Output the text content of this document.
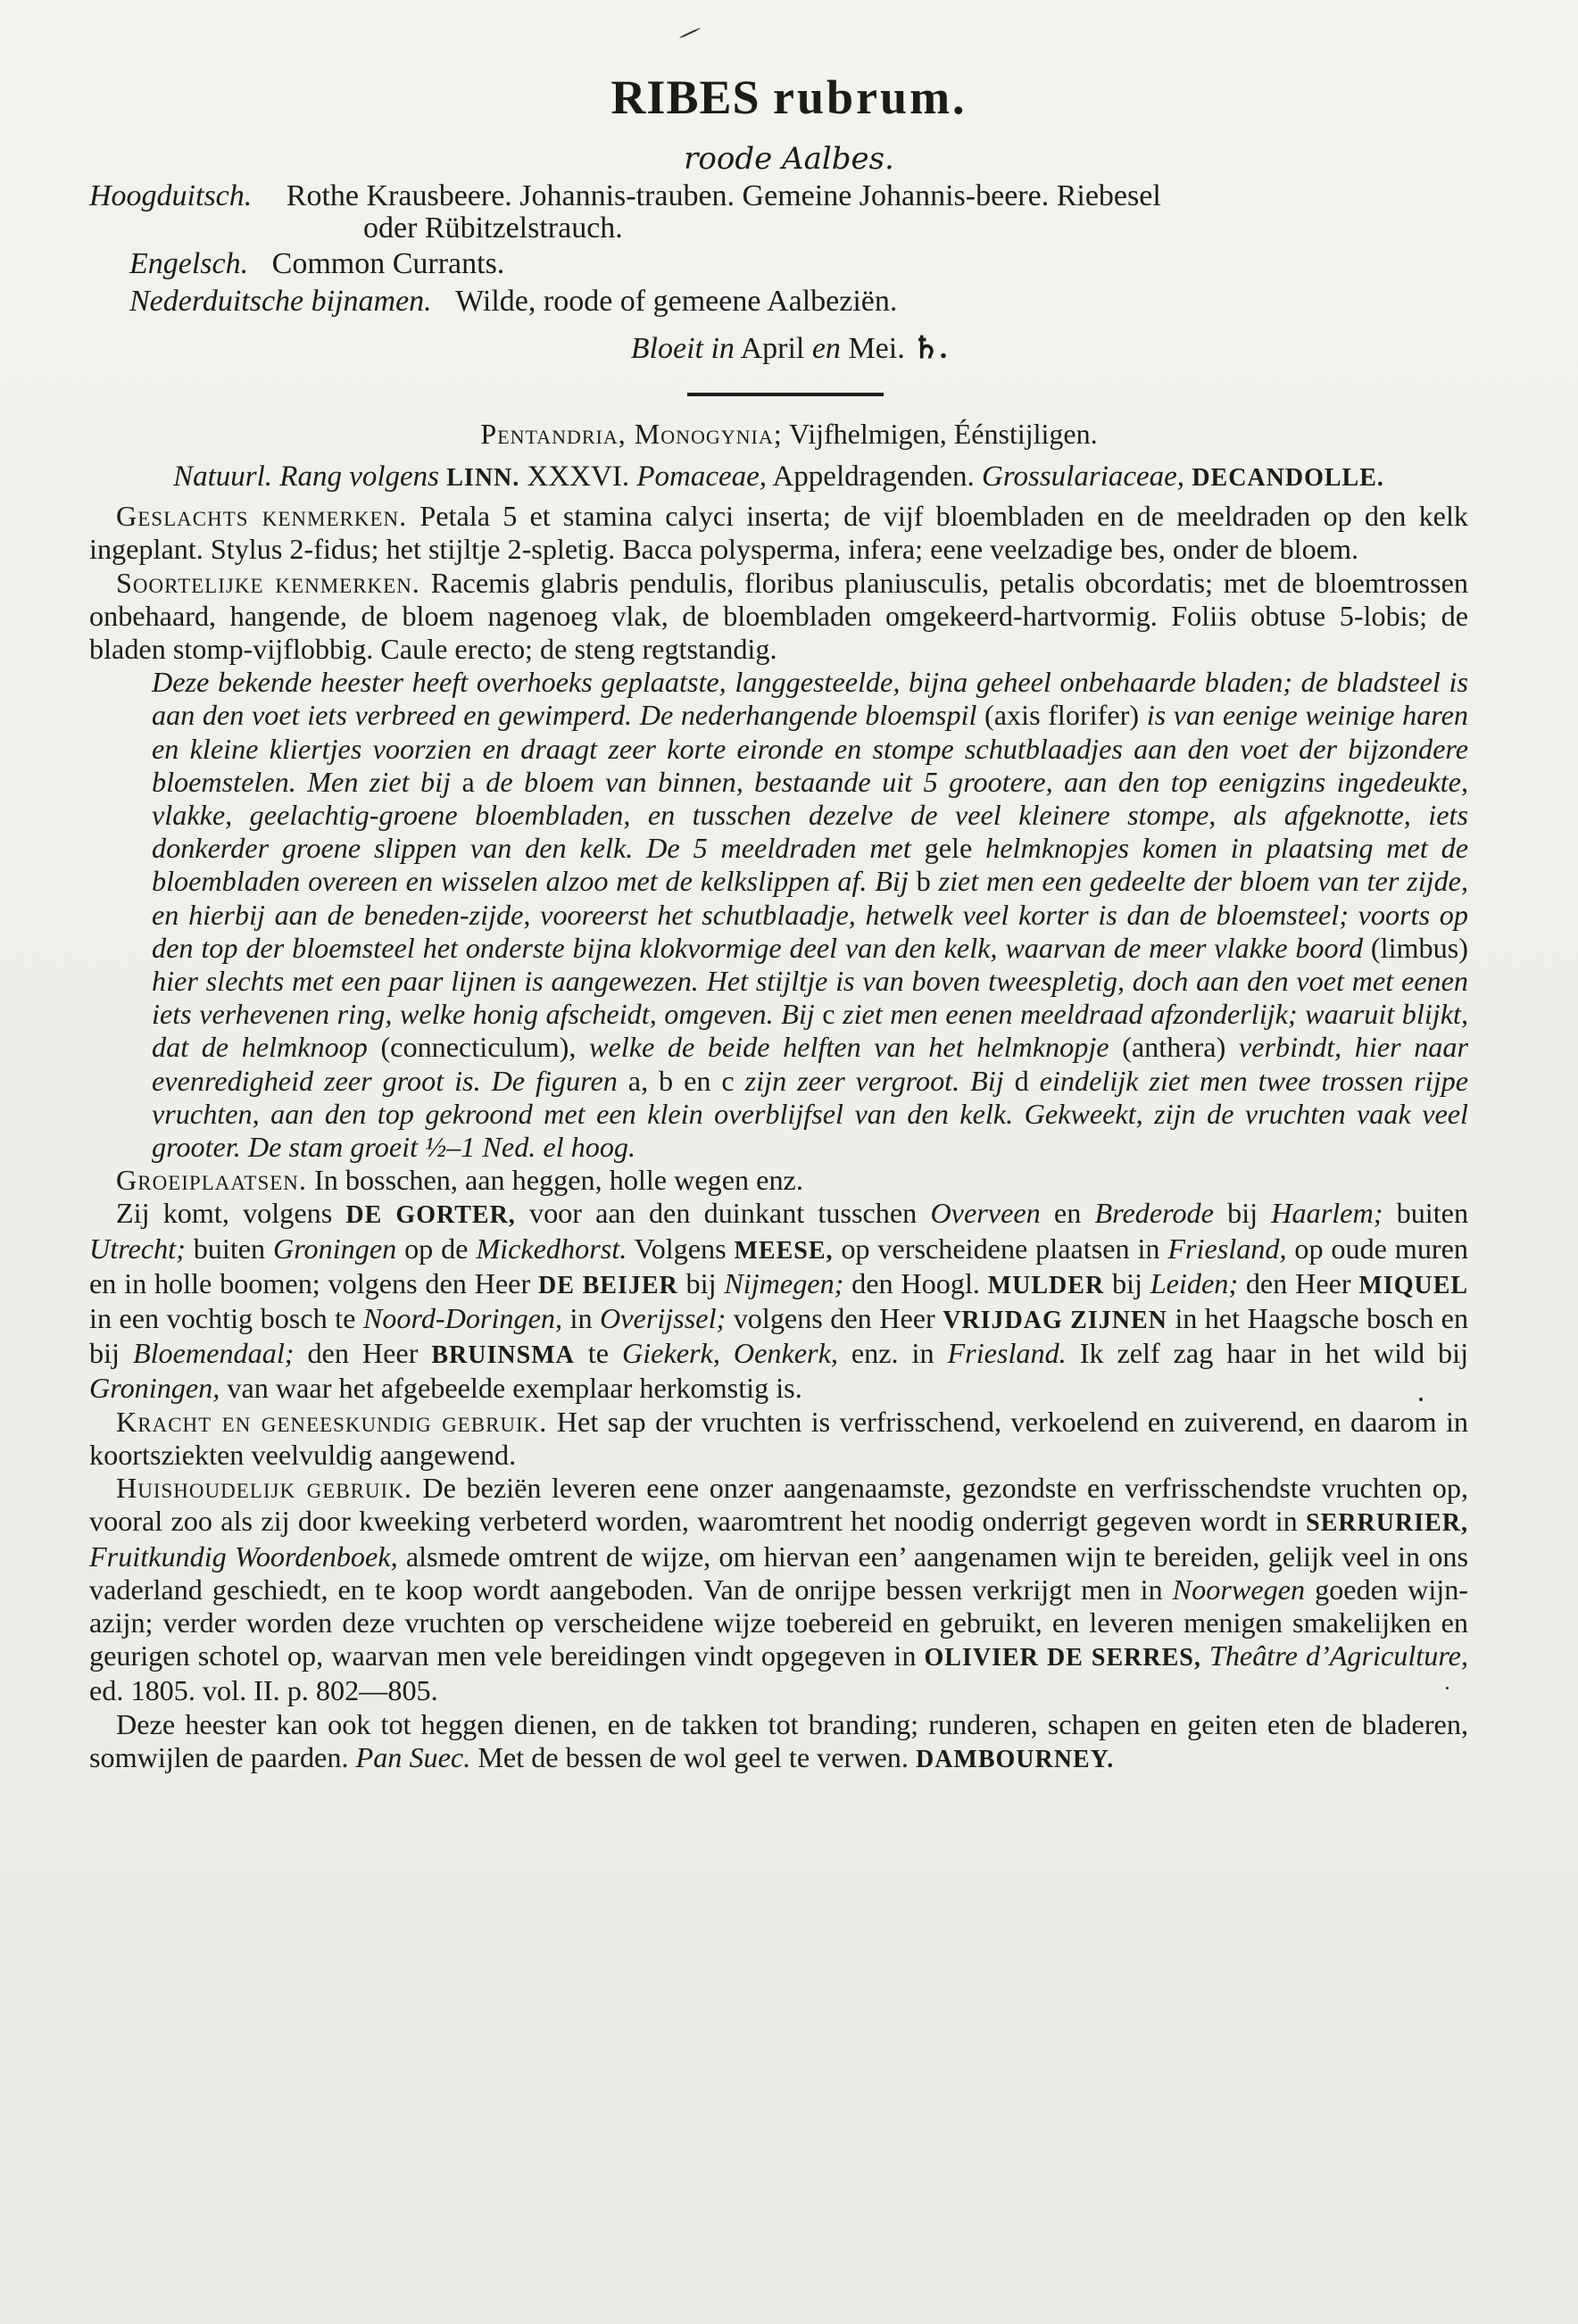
RIBES rubrum.
roode Aalbes.
Hoogduitsch. Rothe Krausbeere. Johannis-trauben. Gemeine Johannis-beere. Riebesel
oder Rübitzelstrauch.
Engelsch. Common Currants.
Nederduitsche bijnamen. Wilde, roode of gemeene Aalbeziën.
Bloeit in April en Mei. ♄.
Pentandria, Monogynia; Vijfhelmigen, Éénstijligen.

Natuurl. Rang volgens LINN. XXXVI. Pomaceae, Appeldragenden. Grossulariaceae, DECANDOLLE.

Geslachts kenmerken. Petala 5 et stamina calyci inserta; de vijf bloembladen en de meeldraden op den kelk ingeplant. Stylus 2-fidus; het stijltje 2-spletig. Bacca polysperma, infera; eene veelzadige bes, onder de bloem.

Soortelijke kenmerken. Racemis glabris pendulis, floribus planiusculis, petalis obcordatis; met de bloemtrossen onbehaard, hangende, de bloem nagenoeg vlak, de bloembladen omgekeerd-hartvormig. Foliis obtuse 5-lobis; de bladen stomp-vijflobbig. Caule erecto; de steng regtstandig.

Deze bekende heester heeft overhoeks geplaatste, langgesteelde, bijna geheel onbehaarde bladen; de bladsteel is aan den voet iets verbreed en gewimperd. De nederhangende bloemspil (axis florifer) is van eenige weinige haren en kleine kliertjes voorzien en draagt zeer korte eironde en stompe schutblaadjes aan den voet der bijzondere bloemstelen. Men ziet bij a de bloem van binnen, bestaande uit 5 grootere, aan den top eenigzins ingedeukte, vlakke, geelachtig-groene bloembladen, en tusschen dezelve de veel kleinere stompe, als afgeknotte, iets donkerder groene slippen van den kelk. De 5 meeldraden met gele helmknopjes komen in plaatsing met de bloembladen overeen en wisselen alzoo met de kelkslippen af. Bij b ziet men een gedeelte der bloem van ter zijde, en hierbij aan de beneden-zijde, vooreerst het schutblaadje, hetwelk veel korter is dan de bloemsteel; voorts op den top der bloemsteel het onderste bijna klokvormige deel van den kelk, waarvan de meer vlakke boord (limbus) hier slechts met een paar lijnen is aangewezen. Het stijltje is van boven tweespletig, doch aan den voet met eenen iets verhevenen ring, welke honig afscheidt, omgeven. Bij c ziet men eenen meeldraad afzonderlijk; waaruit blijkt, dat de helmknoop (connecticulum), welke de beide helften van het helmknopje (anthera) verbindt, hier naar evenredigheid zeer groot is. De figuren a, b en c zijn zeer vergroot. Bij d eindelijk ziet men twee trossen rijpe vruchten, aan den top gekroond met een klein overblijfsel van den kelk. Gekweekt, zijn de vruchten vaak veel grooter. De stam groeit ½–1 Ned. el hoog.

Groeiplaatsen. In bosschen, aan heggen, holle wegen enz.

Zij komt, volgens DE GORTER, voor aan den duinkant tusschen Overveen en Brederode bij Haarlem; buiten Utrecht; buiten Groningen op de Mickedhorst. Volgens MEESE, op verscheidene plaatsen in Friesland, op oude muren en in holle boomen; volgens den Heer DE BEIJER bij Nijmegen; den Hoogl. MULDER bij Leiden; den Heer MIQUEL in een vochtig bosch te Noord-Doringen, in Overijssel; volgens den Heer VRIJDAG ZIJNEN in het Haagsche bosch en bij Bloemendaal; den Heer BRUINSMA te Giekerk, Oenkerk, enz. in Friesland. Ik zelf zag haar in het wild bij Groningen, van waar het afgebeelde exemplaar herkomstig is.

Kracht en geneeskundig gebruik. Het sap der vruchten is verfrisschend, verkoelend en zuiverend, en daarom in koortsziekten veelvuldig aangewend.

Huishoudelijk gebruik. De beziën leveren eene onzer aangenaamste, gezondste en verfrisschendste vruchten op, vooral zoo als zij door kweeking verbeterd worden, waaromtrent het noodig onderrigt gegeven wordt in SERRURIER, Fruitkundig Woordenboek, alsmede omtrent de wijze, om hiervan een’ aangenamen wijn te bereiden, gelijk veel in ons vaderland geschiedt, en te koop wordt aangeboden. Van de onrijpe bessen verkrijgt men in Noorwegen goeden wijn-azijn; verder worden deze vruchten op verscheidene wijze toebereid en gebruikt, en leveren menigen smakelijken en geurigen schotel op, waarvan men vele bereidingen vindt opgegeven in OLIVIER DE SERRES, Theâtre d’Agriculture, ed. 1805. vol. II. p. 802—805.

Deze heester kan ook tot heggen dienen, en de takken tot branding; runderen, schapen en geiten eten de bladeren, somwijlen de paarden. Pan Suec. Met de bessen de wol geel te verwen. DAMBOURNEY.
